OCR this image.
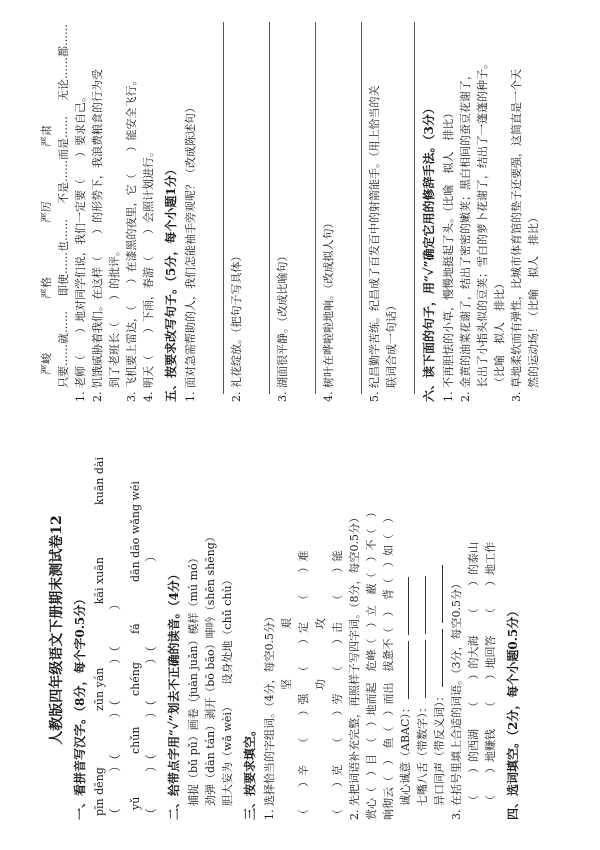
人教版四年级语文下册期末测试卷12 一、看拼音写汉字。（8分，每个字0.5分） pīn dēng
zūn yán
kāi xuān
kuān dài
（　　　）（　　　）（　　　）（　　　） yǔ
chǔn
chéng
fá
dān dāo wǎng wéi
（　　　）（　　　）（　　　）（　　　　　　　） 二、给带点字用“✓”划去不正确的读音。（4分） 捕捉（bǔ pǔ）画卷（juàn juǎn）模样（mú mó） 劲弹（dàn tán）剥开（bō bāo）呻吟（shēn shēng） 胆大妄为（wǎ wèi）　　设身处地（chǔ chù） 三、按要求填空。 1. 选择恰当的字组词。（4分，每空0.5分） 坚艰 （　　）辛　　（　　）强　　（　　）定　　（　　）难 功攻 （　　）克　　（　　）劳　　（　　）击　　（　　）能 2. 先把词语补充完整，再照样子写四字词。（8分，每空0.5分） 赏心（　）目　（　）地而起　危峰（　）立　蔽（　）不（　） 响彻云（　）　鱼（　）而出　拔惫不（　）　背（　）如（　） 诚心诚意（ABAC）： 七嘴八舌（带数字）： 异口同声（带反义词）： 3. 在括号里填上合适的词语。（3分，每空0.5分） （　　）的西湖　　（　　）的大海　　（　　）的泰山 （　　）地赚钱　　（　　）地回答　　（　　）地工作 四、选词填空。（2分，每个小题0.5分）
严峻
严格
严厉
严肃
只要……就……
即使……也……
不是……而是……
无论……都……
1. 老师（　　）地对同学们说，我们一定要（　　）要求自己。 2. 饥饿威胁着我们。在这样（　　）的形势下，我浪费粮食的行为受 到了老班长（　　）的批评。 3. 飞机要上雷达，（　　）在漆黑的夜里，它（　　）能安全飞行。 4. 明天（　　）下雨，春游（　　）会照计划进行。 五、按要求改写句子。（5分，每个小题1分） 1. 面对急需帮助的人，我们怎能袖手旁观呢？（改成陈述句）	2. 礼花绽放。（把句子写具体）	3. 湖面很平静。（改成比喻句）	4. 树叶在哗啦啦地响。（改成拟人句）	5. 纪昌勤学苦练。纪昌成了百发百中的射箭能手。（用上恰当的关 联词合成一句话） 六、读下面的句子，用“✓”确定它用的修辞手法。（3分） 1. 不再胆怯的小草，慢慢地挺起了头。（比喻　拟人　排比） 2. 金黄的油菜花谢了，结出了密密的嫩荚；黑白相间的蚕豆花谢了， 长出了小指头似的豆荚；雪白的萝卜花谢了，结出了一蓬蓬的种子。 （比喻　拟人　排比） 3. 草地柔软而有弹性，比城市体育馆的垫子还要强，这简直是一个天 然的运动场！（比喻　拟人　排比）
